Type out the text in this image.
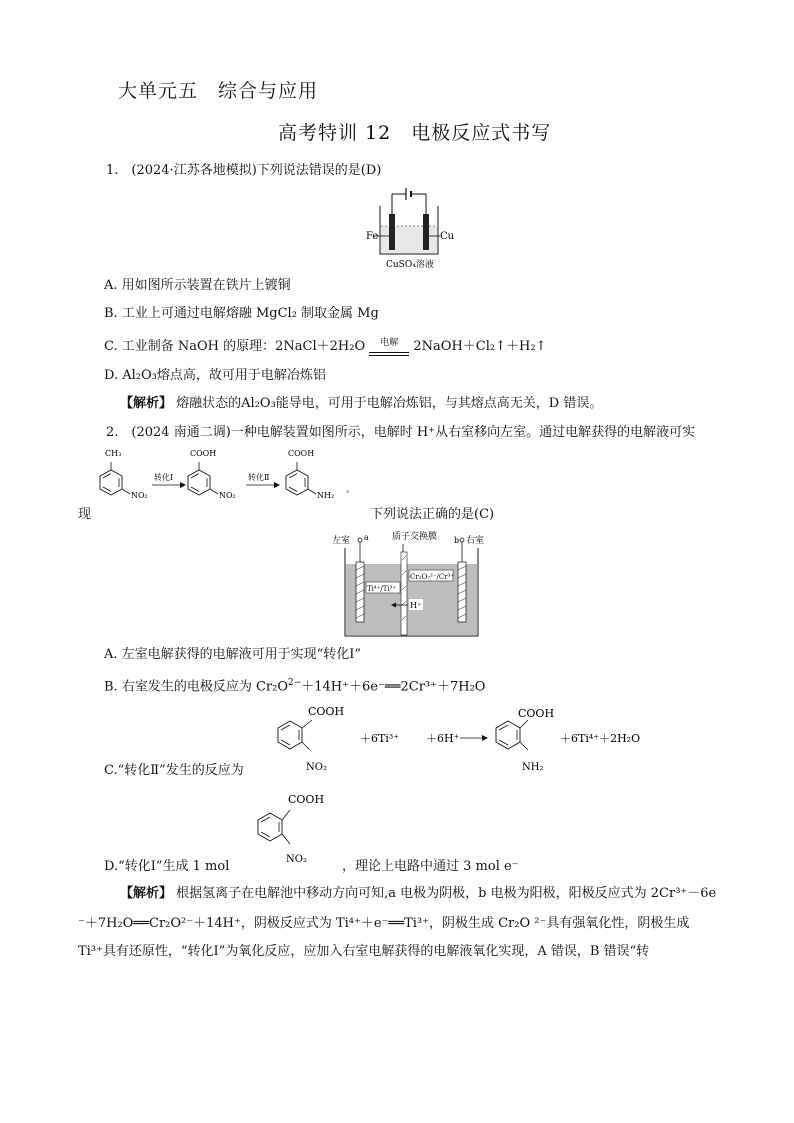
大单元五　综合与应用
高考特训 12　电极反应式书写
1.　(2024·江苏各地模拟)下列说法错误的是(D)
Fe	Cu
CuSO₄溶液
A. 用如图所示装置在铁片上镀铜
B. 工业上可通过电解熔融 MgCl₂ 制取金属 Mg
C. 工业制备 NaOH 的原理：2NaCl＋2H₂O	电解	2NaOH＋Cl₂↑＋H₂↑
D. Al₂O₃熔点高，故可用于电解冶炼铝
【解析】 熔融状态的Al₂O₃能导电，可用于电解冶炼铝，与其熔点高无关，D 错误。
2.　(2024 南通二调)一种电解装置如图所示，电解时 H⁺从右室移向左室。通过电解获得的电解液可实
CH₃
NO₂
转化Ⅰ
COOH
NO₂
转化Ⅱ
COOH
NH₂
。
现	下列说法正确的是(C)
Ti⁴⁺/Ti³⁺
Cr₂O₇²⁻/Cr³⁺
H⁺
左室 a	质子交换膜 b 右室
A. 左室电解获得的电解液可用于实现“转化Ⅰ”
B. 右室发生的电极反应为 $Cr_2O^{2-}+14H^++6e^-══2Cr^{3+}+7H_2O$
COOH
NO₂
＋6Ti³⁺ ＋6H⁺
COOH
NH₂
＋6Ti⁴⁺＋2H₂O
C.“转化Ⅱ”发生的反应为
COOH
NO₂
D.“转化Ⅰ”生成 1 mol	，理论上电路中通过 3 mol e⁻
【解析】 根据氢离子在电解池中移动方向可知,a 电极为阴极，b 电极为阳极，阳极反应式为 2Cr³⁺－6e
⁻＋7H₂O══Cr₂O²⁻＋14H⁺，阴极反应式为 Ti⁴⁺＋e⁻══Ti³⁺，阴极生成 Cr₂O ²⁻具有强氧化性，阴极生成
Ti³⁺具有还原性，“转化Ⅰ”为氧化反应，应加入右室电解获得的电解液氧化实现，A 错误，B 错误“转
